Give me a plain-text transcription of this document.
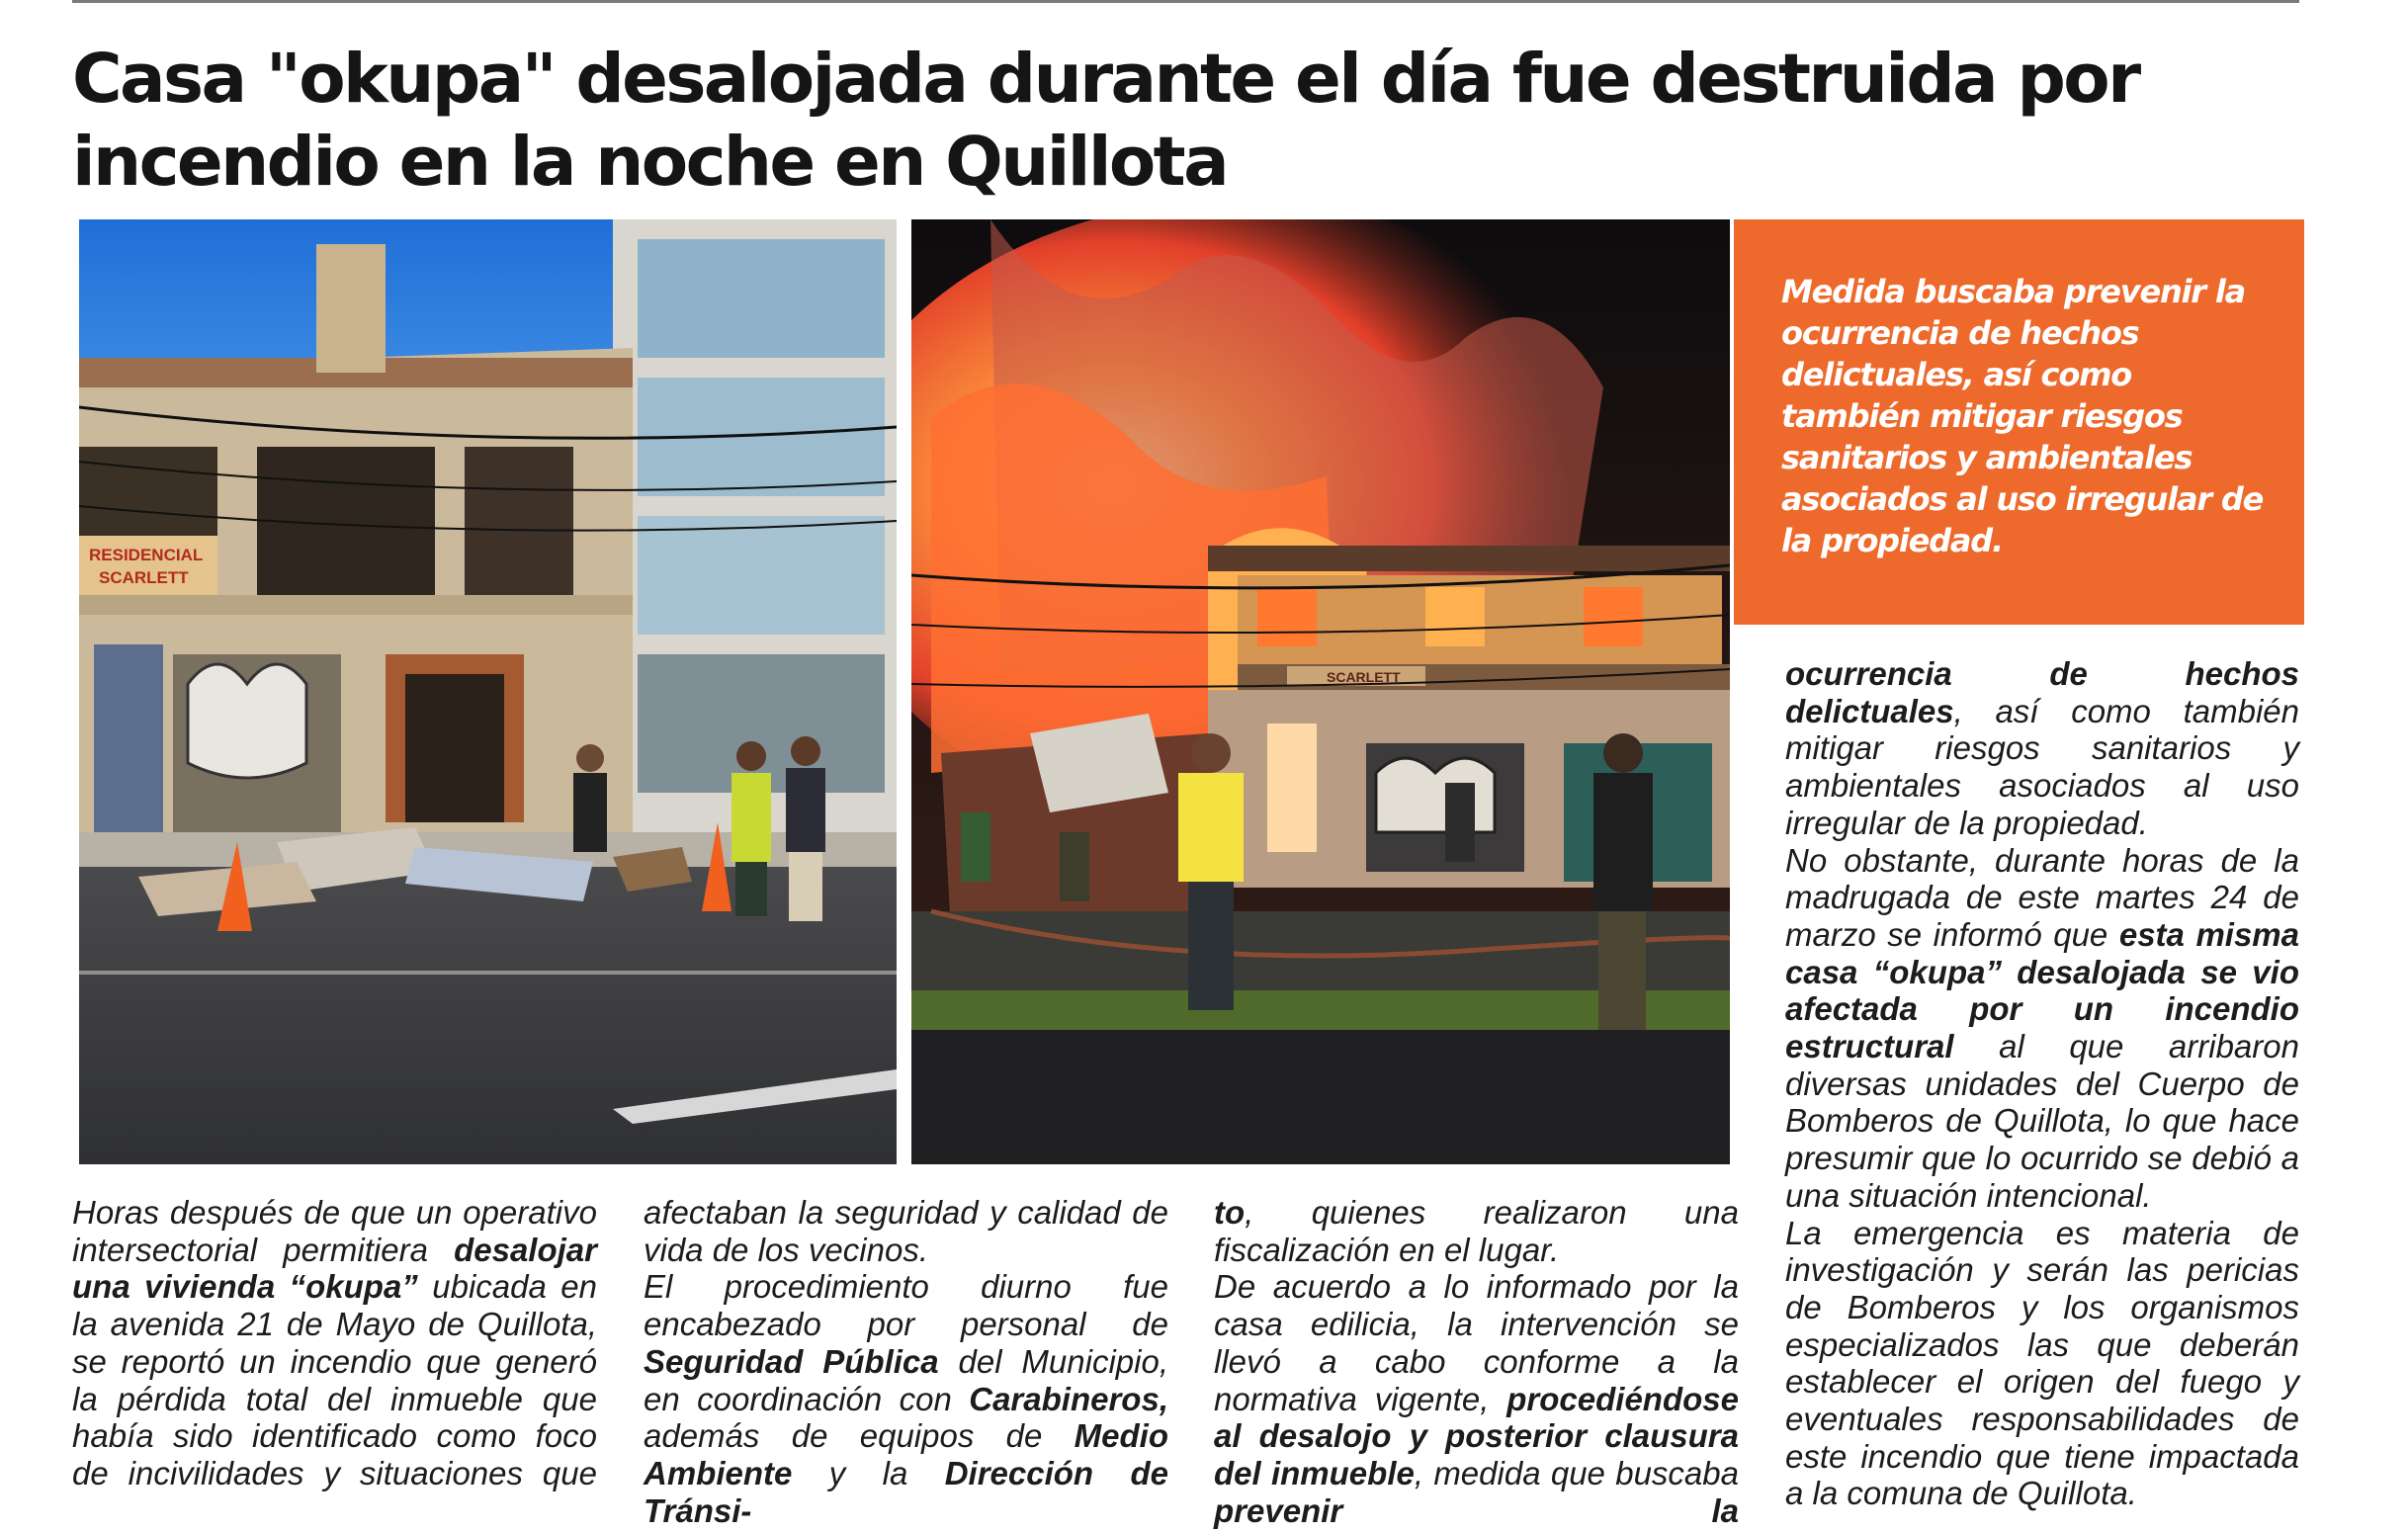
Casa "okupa" desalojada durante el día fue destruida por incendio en la noche en Quillota
RESIDENCIAL
SCARLETT
SCARLETT

Medida buscaba prevenir la ocurrencia de hechos delictuales, así como también mitigar riesgos sanitarios y ambientales asociados al uso irregular de la propiedad.

Horas después de que un operativo intersectorial permitiera desalojar una vivienda “okupa” ubicada en la avenida 21 de Mayo de Quillota, se reportó un incendio que generó la pérdida total del inmueble que había sido identificado como foco de incivilidades y situaciones que

afectaban la seguridad y calidad de vida de los vecinos.

El procedimiento diurno fue encabezado por personal de Seguridad Pública del Municipio, en coordinación con Carabineros, además de equipos de Medio Ambiente y la Dirección de Tránsi-

to, quienes realizaron una fiscalización en el lugar.

De acuerdo a lo informado por la casa edilicia, la intervención se llevó a cabo conforme a la normativa vigente, procediéndose al desalojo y posterior clausura del inmueble, medida que buscaba prevenir la

ocurrencia de hechos delictuales, así como también mitigar riesgos sanitarios y ambientales asociados al uso irregular de la propiedad.

No obstante, durante horas de la madrugada de este martes 24 de marzo se informó que esta misma casa “okupa” desalojada se vio afectada por un incendio estructural al que arribaron diversas unidades del Cuerpo de Bomberos de Quillota, lo que hace presumir que lo ocurrido se debió a una situación intencional.

La emergencia es materia de investigación y serán las pericias de Bomberos y los organismos especializados las que deberán establecer el origen del fuego y eventuales responsabilidades de este incendio que tiene impactada a la comuna de Quillota.
